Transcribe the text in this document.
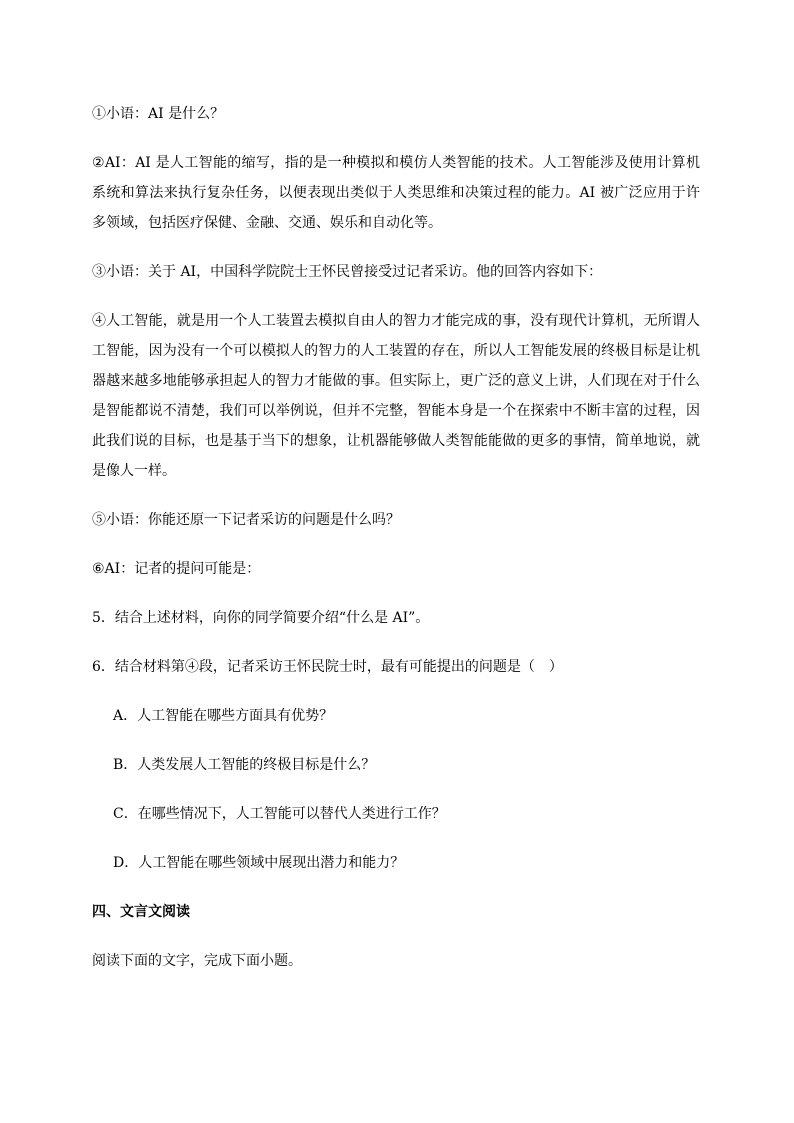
①小语：AI 是什么？

②AI：AI 是人工智能的缩写，指的是一种模拟和模仿人类智能的技术。人工智能涉及使用计算机系统和算法来执行复杂任务，以便表现出类似于人类思维和决策过程的能力。AI 被广泛应用于许多领域，包括医疗保健、金融、交通、娱乐和自动化等。

③小语：关于 AI，中国科学院院士王怀民曾接受过记者采访。他的回答内容如下：

④人工智能，就是用一个人工装置去模拟自由人的智力才能完成的事，没有现代计算机，无所谓人工智能，因为没有一个可以模拟人的智力的人工装置的存在，所以人工智能发展的终极目标是让机器越来越多地能够承担起人的智力才能做的事。但实际上，更广泛的意义上讲，人们现在对于什么是智能都说不清楚，我们可以举例说，但并不完整，智能本身是一个在探索中不断丰富的过程，因此我们说的目标，也是基于当下的想象，让机器能够做人类智能能做的更多的事情，简单地说，就是像人一样。

⑤小语：你能还原一下记者采访的问题是什么吗？

⑥AI：记者的提问可能是：

5．结合上述材料，向你的同学简要介绍“什么是 AI”。

6．结合材料第④段，记者采访王怀民院士时，最有可能提出的问题是（　）

A．人工智能在哪些方面具有优势？

B．人类发展人工智能的终极目标是什么？

C．在哪些情况下，人工智能可以替代人类进行工作？

D．人工智能在哪些领域中展现出潜力和能力？

四、文言文阅读

阅读下面的文字，完成下面小题。
